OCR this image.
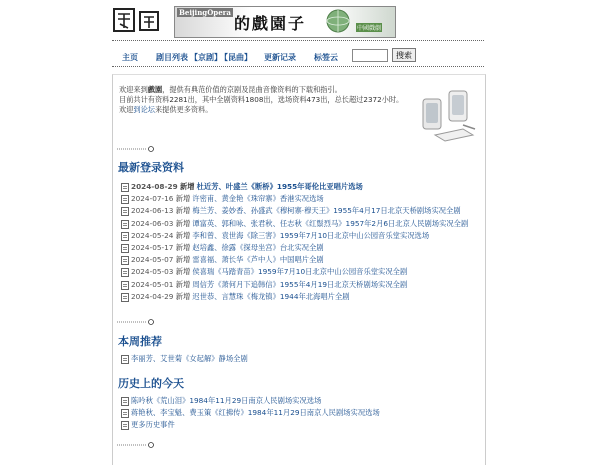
BeijingOpera
的戲園子	中國戲劇
主页 剧目列表 【京剧】
【昆曲】 更新记录 标签云	搜索
欢迎来到戲園，提供有典范价值的京剧及昆曲音像资料的下载和指引。
目前共计有资料2281出，其中全剧资料1808出，选场资料473出，总长超过2372小时。
欢迎到论坛来提供更多资料。
最新登录资料
2024-08-29 新增 杜近芳、叶盛兰《断桥》1955年哥伦比亚唱片选场
2024-07-16 新增 许密甫、黄金艳《珠帘寨》香港实况选场
2024-06-13 新增 梅兰芳、姜妙香、孙盛武《穆柯寨·穆天王》1955年4月17日北京天桥剧场实况全剧
2024-06-03 新增 谭富英、郭和咏、张君秋、任志秋《红鬃烈马》1957年2月6日北京人民剧场实况全剧
2024-05-24 新增 李和曾、袁世海《除三害》1959年7月10日北京中山公园音乐堂实况选场
2024-05-17 新增 赵培鑫、徐露《探母坐宫》台北实况全剧
2024-05-07 新增 雷喜福、萧长华《芦中人》中国唱片全剧
2024-05-03 新增 侯喜瑞《马踏青苗》1959年7月10日北京中山公园音乐堂实况全剧
2024-05-01 新增 周信芳《萧何月下追韩信》1955年4月19日北京天桥剧场实况全剧
2024-04-29 新增 迟世恭、言慧珠《梅龙镇》1944年北海唱片全剧
本周推荐
李丽芳、艾世菊《女起解》静场全剧
历史上的今天
陈吟秋《荒山泪》1984年11月29日南京人民剧场实况选场
蒋艳秋、李宝魁、费玉策《红拂传》1984年11月29日南京人民剧场实况选场
更多历史事件
